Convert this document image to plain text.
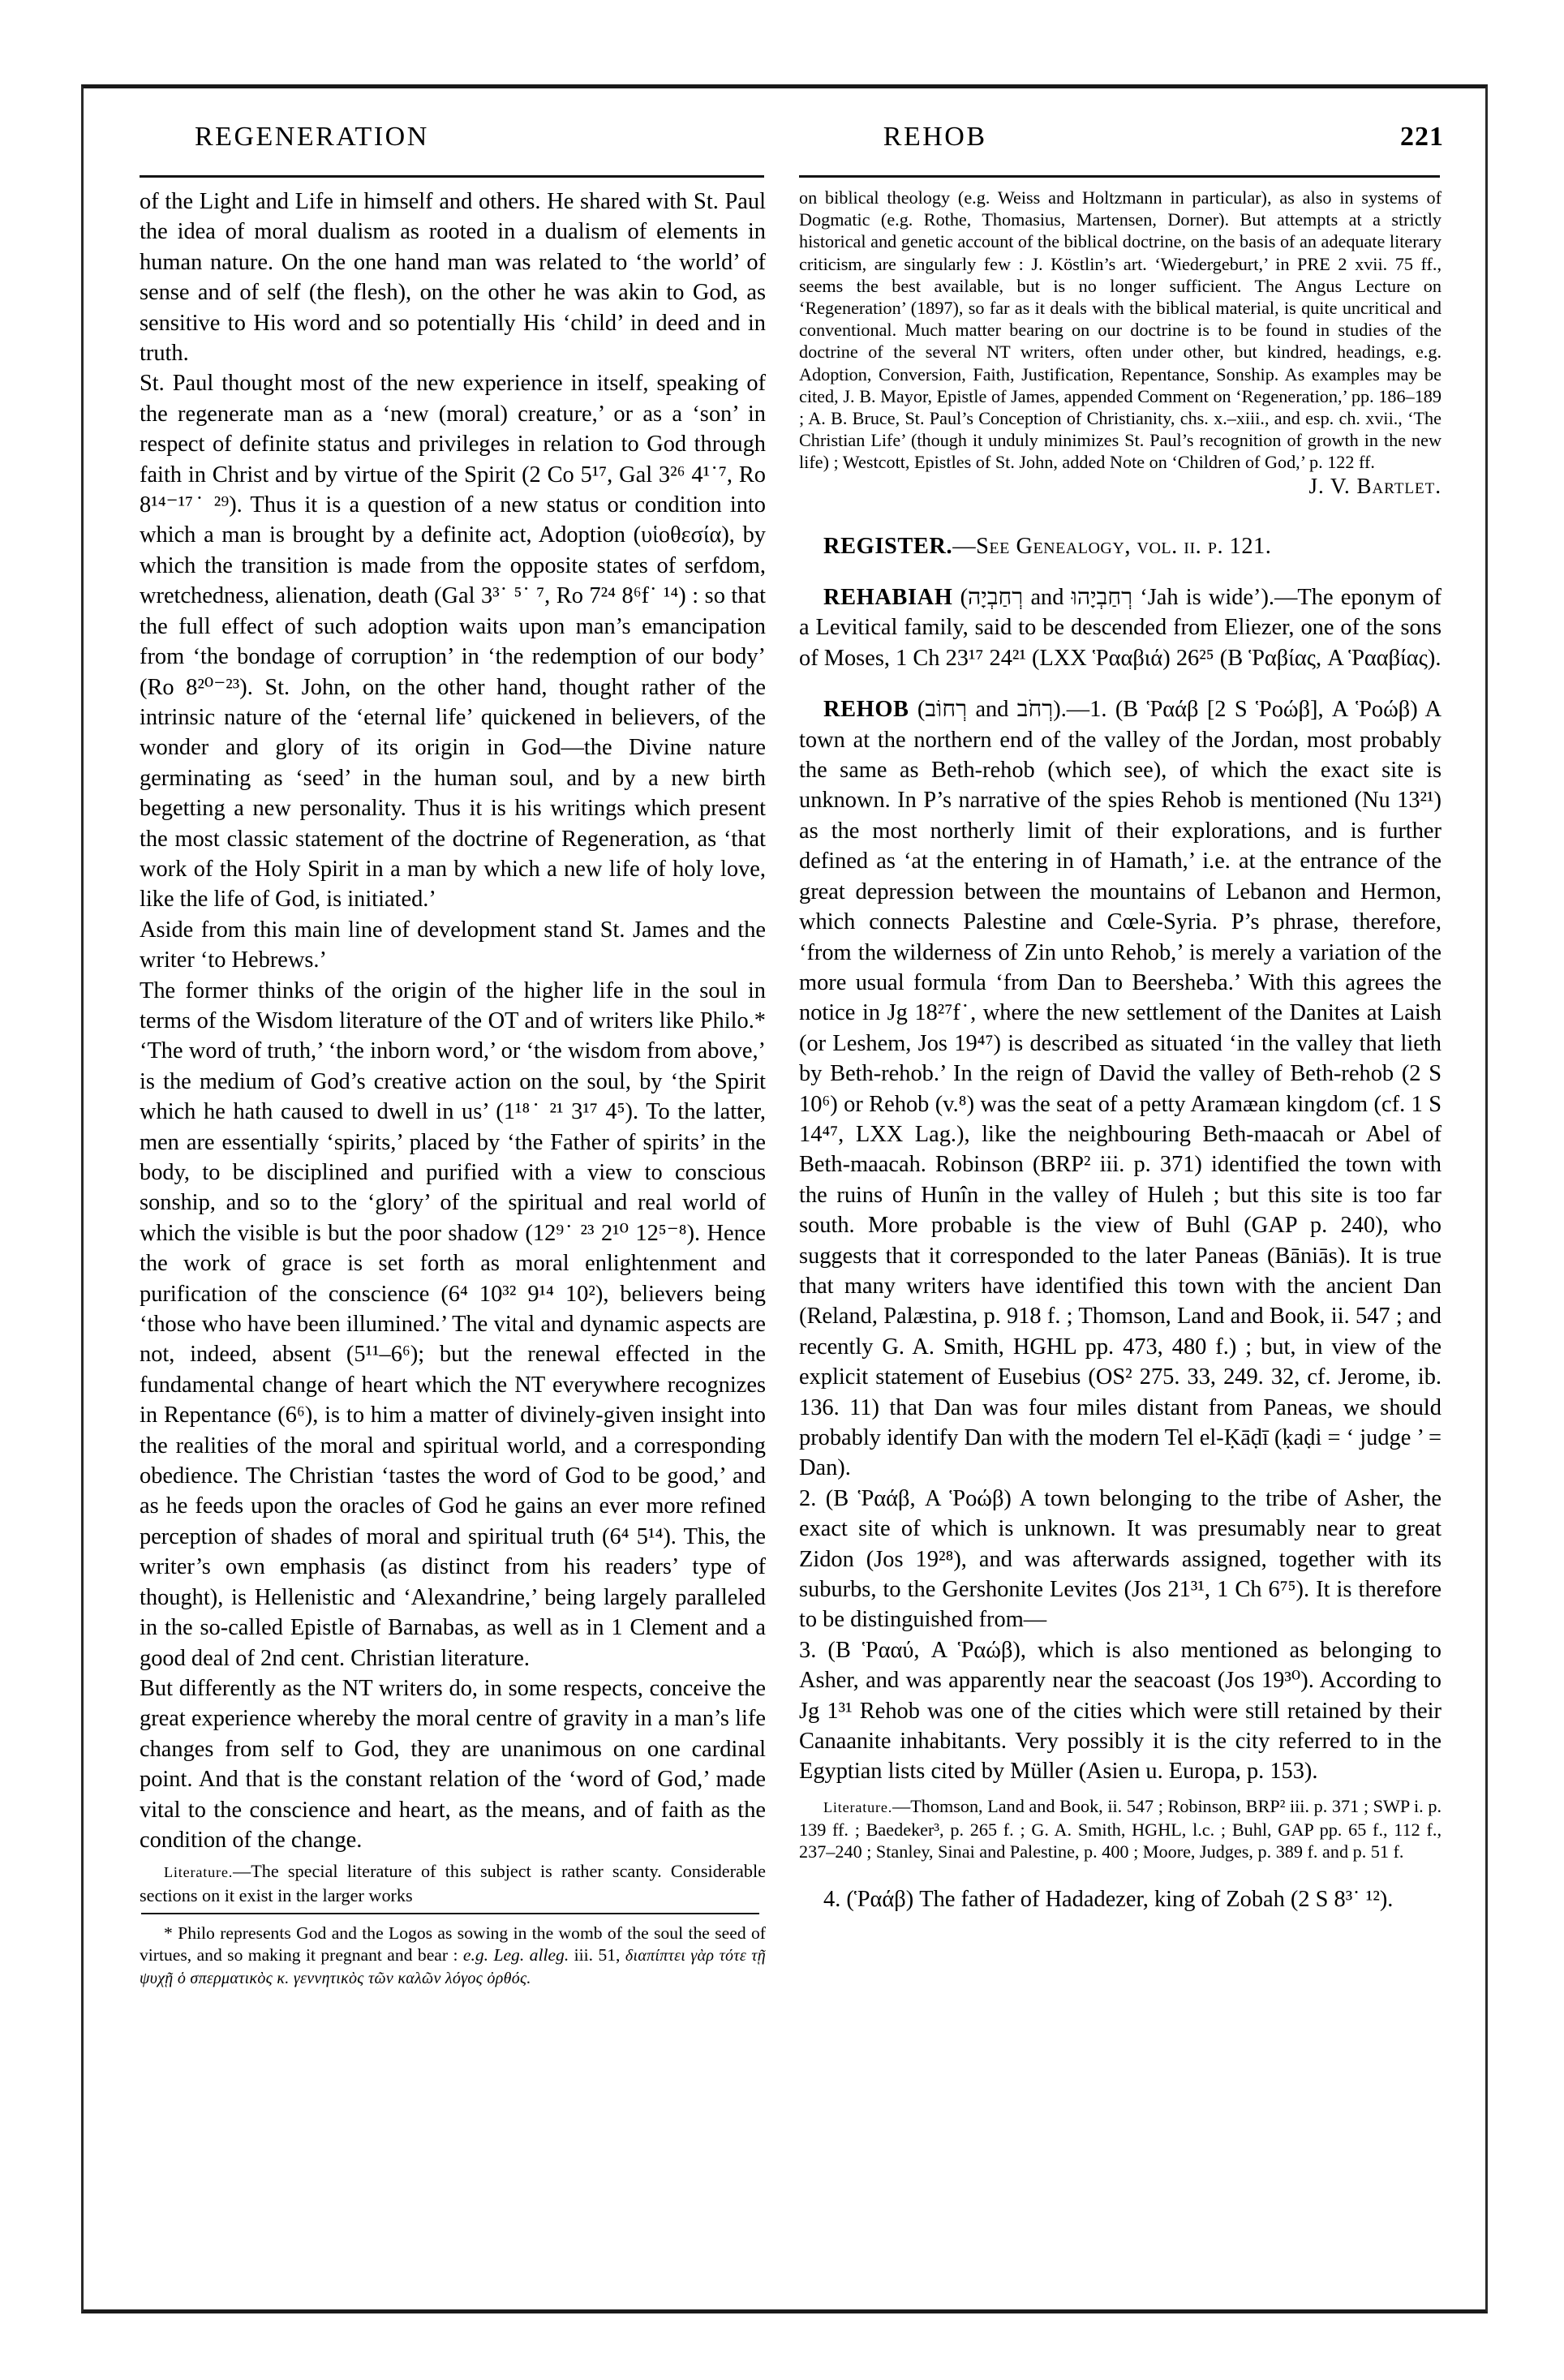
REGENERATION	REHOB	221

of the Light and Life in himself and others. He shared with St. Paul the idea of moral dualism as rooted in a dualism of elements in human nature. On the one hand man was related to ‘the world’ of sense and of self (the flesh), on the other he was akin to God, as sensitive to His word and so potentially His ‘child’ in deed and in truth.

St. Paul thought most of the new experience in itself, speaking of the regenerate man as a ‘new (moral) creature,’ or as a ‘son’ in respect of definite status and privileges in relation to God through faith in Christ and by virtue of the Spirit (2 Co 5¹⁷, Gal 3²⁶ 4¹˙⁷, Ro 8¹⁴⁻¹⁷˙ ²⁹). Thus it is a question of a new status or condition into which a man is brought by a definite act, Adoption (υἱοθεσία), by which the transition is made from the opposite states of serfdom, wretchedness, alienation, death (Gal 3³˙ ⁵˙ ⁷, Ro 7²⁴ 8⁶f˙ ¹⁴) : so that the full effect of such adoption waits upon man’s emancipation from ‘the bondage of corruption’ in ‘the redemption of our body’ (Ro 8²⁰⁻²³). St. John, on the other hand, thought rather of the intrinsic nature of the ‘eternal life’ quickened in believers, of the wonder and glory of its origin in God—the Divine nature germinating as ‘seed’ in the human soul, and by a new birth begetting a new personality. Thus it is his writings which present the most classic statement of the doctrine of Regeneration, as ‘that work of the Holy Spirit in a man by which a new life of holy love, like the life of God, is initiated.’

Aside from this main line of development stand St. James and the writer ‘to Hebrews.’

The former thinks of the origin of the higher life in the soul in terms of the Wisdom literature of the OT and of writers like Philo.* ‘The word of truth,’ ‘the inborn word,’ or ‘the wisdom from above,’ is the medium of God’s creative action on the soul, by ‘the Spirit which he hath caused to dwell in us’ (1¹⁸˙ ²¹ 3¹⁷ 4⁵). To the latter, men are essentially ‘spirits,’ placed by ‘the Father of spirits’ in the body, to be disciplined and purified with a view to conscious sonship, and so to the ‘glory’ of the spiritual and real world of which the visible is but the poor shadow (12⁹˙ ²³ 2¹⁰ 12⁵⁻⁸). Hence the work of grace is set forth as moral enlightenment and purification of the conscience (6⁴ 10³² 9¹⁴ 10²), believers being ‘those who have been illumined.’ The vital and dynamic aspects are not, indeed, absent (5¹¹–6⁶); but the renewal effected in the fundamental change of heart which the NT everywhere recognizes in Repentance (6⁶), is to him a matter of divinely-given insight into the realities of the moral and spiritual world, and a corresponding obedience. The Christian ‘tastes the word of God to be good,’ and as he feeds upon the oracles of God he gains an ever more refined perception of shades of moral and spiritual truth (6⁴ 5¹⁴). This, the writer’s own emphasis (as distinct from his readers’ type of thought), is Hellenistic and ‘Alexandrine,’ being largely paralleled in the so-called Epistle of Barnabas, as well as in 1 Clement and a good deal of 2nd cent. Christian literature.

But differently as the NT writers do, in some respects, conceive the great experience whereby the moral centre of gravity in a man’s life changes from self to God, they are unanimous on one cardinal point. And that is the constant relation of the ‘word of God,’ made vital to the conscience and heart, as the means, and of faith as the condition of the change.

Literature.—The special literature of this subject is rather scanty. Considerable sections on it exist in the larger works

* Philo represents God and the Logos as sowing in the womb of the soul the seed of virtues, and so making it pregnant and bear : e.g. Leg. alleg. iii. 51, διαπίπτει γὰρ τότε τῇ ψυχῇ ὁ σπερματικὸς κ. γεννητικὸς τῶν καλῶν λόγος ὀρθός.

on biblical theology (e.g. Weiss and Holtzmann in particular), as also in systems of Dogmatic (e.g. Rothe, Thomasius, Martensen, Dorner). But attempts at a strictly historical and genetic account of the biblical doctrine, on the basis of an adequate literary criticism, are singularly few : J. Köstlin’s art. ‘Wiedergeburt,’ in PRE 2 xvii. 75 ff., seems the best available, but is no longer sufficient. The Angus Lecture on ‘Regeneration’ (1897), so far as it deals with the biblical material, is quite uncritical and conventional. Much matter bearing on our doctrine is to be found in studies of the doctrine of the several NT writers, often under other, but kindred, headings, e.g. Adoption, Conversion, Faith, Justification, Repentance, Sonship. As examples may be cited, J. B. Mayor, Epistle of James, appended Comment on ‘Regeneration,’ pp. 186–189 ; A. B. Bruce, St. Paul’s Conception of Christianity, chs. x.–xiii., and esp. ch. xvii., ‘The Christian Life’ (though it unduly minimizes St. Paul’s recognition of growth in the new life) ; Westcott, Epistles of St. John, added Note on ‘Children of God,’ p. 122 ff.

J. V. Bartlet.

REGISTER.—See Genealogy, vol. ii. p. 121.

REHABIAH (רְחַבְיָה and רְחַבְיָהוּ ‘Jah is wide’).—The eponym of a Levitical family, said to be descended from Eliezer, one of the sons of Moses, 1 Ch 23¹⁷ 24²¹ (LXX Ῥααβιά) 26²⁵ (B Ῥαβίας, A Ῥααβίας).

REHOB (רְחוֹב and רְחֹב).—1. (B Ῥαάβ [2 S Ῥοώβ], A Ῥοώβ) A town at the northern end of the valley of the Jordan, most probably the same as Beth-rehob (which see), of which the exact site is unknown. In P’s narrative of the spies Rehob is mentioned (Nu 13²¹) as the most northerly limit of their explorations, and is further defined as ‘at the entering in of Hamath,’ i.e. at the entrance of the great depression between the mountains of Lebanon and Hermon, which connects Palestine and Cœle-Syria. P’s phrase, therefore, ‘from the wilderness of Zin unto Rehob,’ is merely a variation of the more usual formula ‘from Dan to Beersheba.’ With this agrees the notice in Jg 18²⁷f˙, where the new settlement of the Danites at Laish (or Leshem, Jos 19⁴⁷) is described as situated ‘in the valley that lieth by Beth-rehob.’ In the reign of David the valley of Beth-rehob (2 S 10⁶) or Rehob (v.⁸) was the seat of a petty Aramæan kingdom (cf. 1 S 14⁴⁷, LXX Lag.), like the neighbouring Beth-maacah or Abel of Beth-maacah. Robinson (BRP² iii. p. 371) identified the town with the ruins of Hunîn in the valley of Huleh ; but this site is too far south. More probable is the view of Buhl (GAP p. 240), who suggests that it corresponded to the later Paneas (Bāniās). It is true that many writers have identified this town with the ancient Dan (Reland, Palæstina, p. 918 f. ; Thomson, Land and Book, ii. 547 ; and recently G. A. Smith, HGHL pp. 473, 480 f.) ; but, in view of the explicit statement of Eusebius (OS² 275. 33, 249. 32, cf. Jerome, ib. 136. 11) that Dan was four miles distant from Paneas, we should probably identify Dan with the modern Tel el-Ḳāḍī (ḳaḍi = ‘ judge ’ = Dan).

2. (B Ῥαάβ, A Ῥοώβ) A town belonging to the tribe of Asher, the exact site of which is unknown. It was presumably near to great Zidon (Jos 19²⁸), and was afterwards assigned, together with its suburbs, to the Gershonite Levites (Jos 21³¹, 1 Ch 6⁷⁵). It is therefore to be distinguished from—

3. (B Ῥααύ, A Ῥαώβ), which is also mentioned as belonging to Asher, and was apparently near the seacoast (Jos 19³⁰). According to Jg 1³¹ Rehob was one of the cities which were still retained by their Canaanite inhabitants. Very possibly it is the city referred to in the Egyptian lists cited by Müller (Asien u. Europa, p. 153).

Literature.—Thomson, Land and Book, ii. 547 ; Robinson, BRP² iii. p. 371 ; SWP i. p. 139 ff. ; Baedeker³, p. 265 f. ; G. A. Smith, HGHL, l.c. ; Buhl, GAP pp. 65 f., 112 f., 237–240 ; Stanley, Sinai and Palestine, p. 400 ; Moore, Judges, p. 389 f. and p. 51 f.

4. (Ῥαάβ) The father of Hadadezer, king of Zobah (2 S 8³˙ ¹²).
